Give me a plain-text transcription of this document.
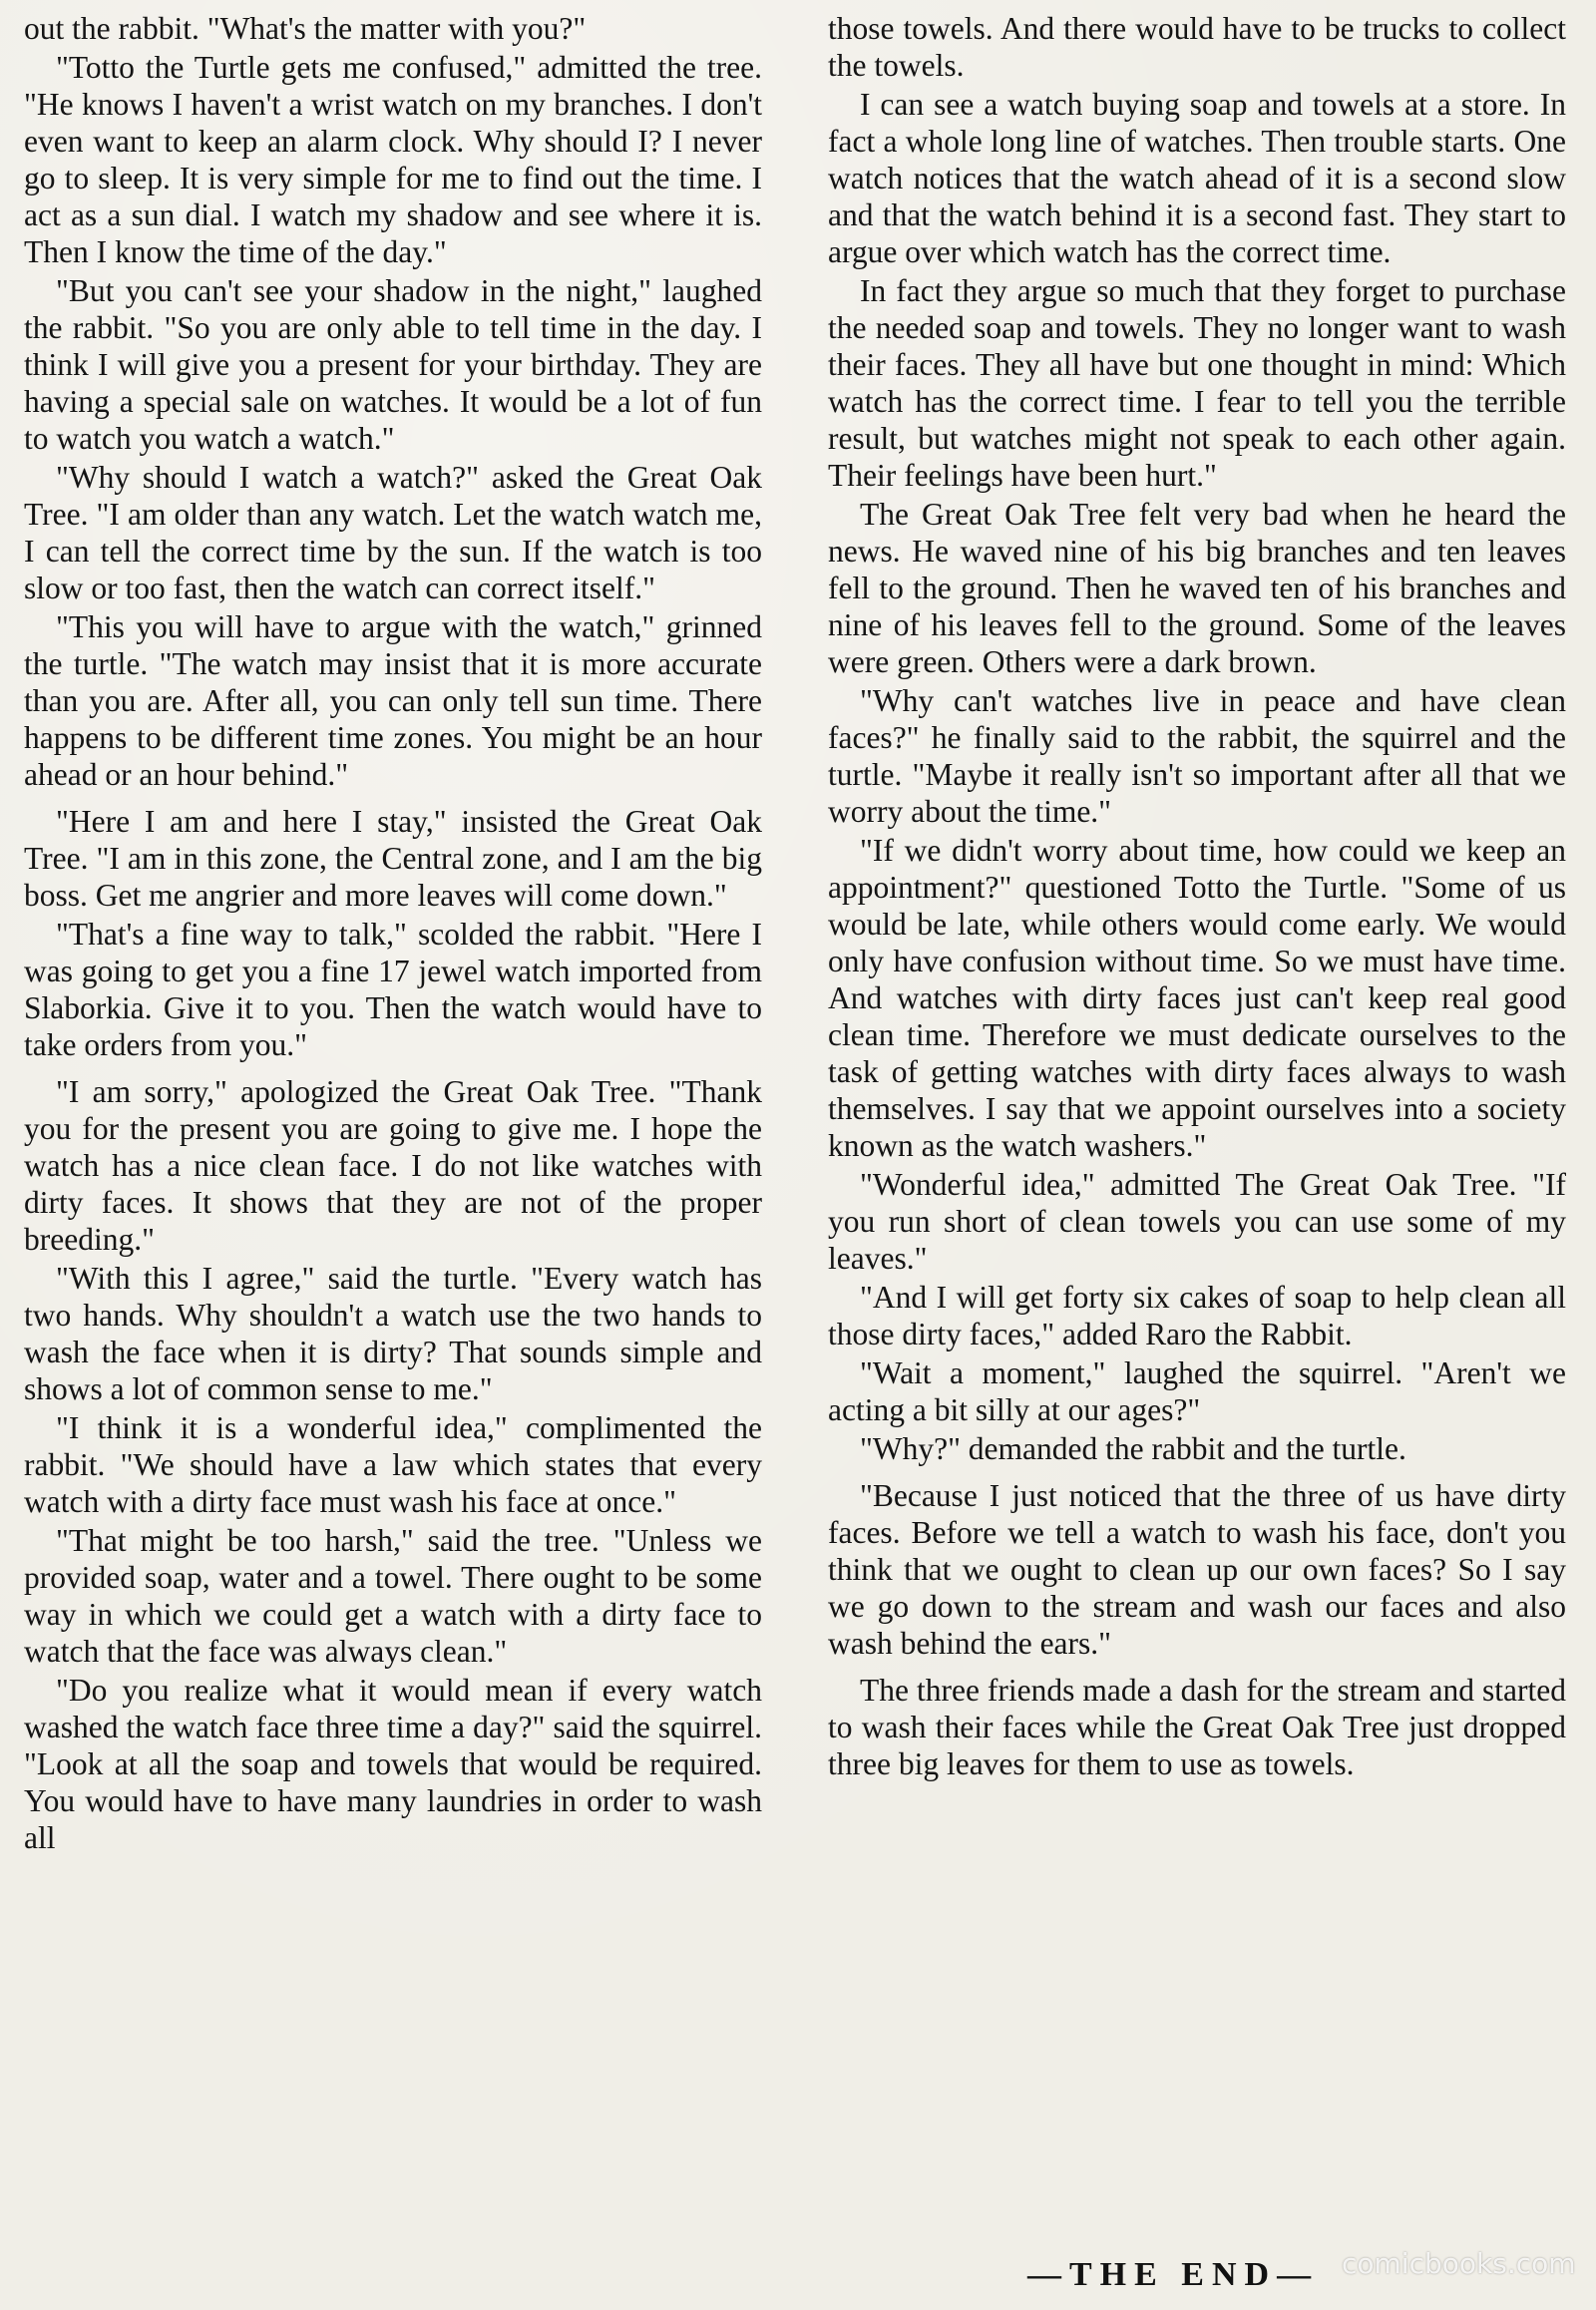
out the rabbit. "What's the matter with you?"

"Totto the Turtle gets me confused," admitted the tree. "He knows I haven't a wrist watch on my branches. I don't even want to keep an alarm clock. Why should I? I never go to sleep. It is very simple for me to find out the time. I act as a sun dial. I watch my shadow and see where it is. Then I know the time of the day."

"But you can't see your shadow in the night," laughed the rabbit. "So you are only able to tell time in the day. I think I will give you a present for your birthday. They are having a special sale on watches. It would be a lot of fun to watch you watch a watch."

"Why should I watch a watch?" asked the Great Oak Tree. "I am older than any watch. Let the watch watch me, I can tell the correct time by the sun. If the watch is too slow or too fast, then the watch can correct itself."

"This you will have to argue with the watch," grinned the turtle. "The watch may insist that it is more accurate than you are. After all, you can only tell sun time. There happens to be different time zones. You might be an hour ahead or an hour behind."

"Here I am and here I stay," insisted the Great Oak Tree. "I am in this zone, the Central zone, and I am the big boss. Get me angrier and more leaves will come down."

"That's a fine way to talk," scolded the rabbit. "Here I was going to get you a fine 17 jewel watch imported from Slaborkia. Give it to you. Then the watch would have to take orders from you."

"I am sorry," apologized the Great Oak Tree. "Thank you for the present you are going to give me. I hope the watch has a nice clean face. I do not like watches with dirty faces. It shows that they are not of the proper breeding."

"With this I agree," said the turtle. "Every watch has two hands. Why shouldn't a watch use the two hands to wash the face when it is dirty? That sounds simple and shows a lot of common sense to me."

"I think it is a wonderful idea," complimented the rabbit. "We should have a law which states that every watch with a dirty face must wash his face at once."

"That might be too harsh," said the tree. "Unless we provided soap, water and a towel. There ought to be some way in which we could get a watch with a dirty face to watch that the face was always clean."

"Do you realize what it would mean if every watch washed the watch face three time a day?" said the squirrel. "Look at all the soap and towels that would be required. You would have to have many laundries in order to wash all

those towels. And there would have to be trucks to collect the towels.

I can see a watch buying soap and towels at a store. In fact a whole long line of watches. Then trouble starts. One watch notices that the watch ahead of it is a second slow and that the watch behind it is a second fast. They start to argue over which watch has the correct time.

In fact they argue so much that they forget to purchase the needed soap and towels. They no longer want to wash their faces. They all have but one thought in mind: Which watch has the correct time. I fear to tell you the terrible result, but watches might not speak to each other again. Their feelings have been hurt."

The Great Oak Tree felt very bad when he heard the news. He waved nine of his big branches and ten leaves fell to the ground. Then he waved ten of his branches and nine of his leaves fell to the ground. Some of the leaves were green. Others were a dark brown.

"Why can't watches live in peace and have clean faces?" he finally said to the rabbit, the squirrel and the turtle. "Maybe it really isn't so important after all that we worry about the time."

"If we didn't worry about time, how could we keep an appointment?" questioned Totto the Turtle. "Some of us would be late, while others would come early. We would only have confusion without time. So we must have time. And watches with dirty faces just can't keep real good clean time. Therefore we must dedicate ourselves to the task of getting watches with dirty faces always to wash themselves. I say that we appoint ourselves into a society known as the watch washers."

"Wonderful idea," admitted The Great Oak Tree. "If you run short of clean towels you can use some of my leaves."

"And I will get forty six cakes of soap to help clean all those dirty faces," added Raro the Rabbit.

"Wait a moment," laughed the squirrel. "Aren't we acting a bit silly at our ages?"

"Why?" demanded the rabbit and the turtle.

"Because I just noticed that the three of us have dirty faces. Before we tell a watch to wash his face, don't you think that we ought to clean up our own faces? So I say we go down to the stream and wash our faces and also wash behind the ears."

The three friends made a dash for the stream and started to wash their faces while the Great Oak Tree just dropped three big leaves for them to use as towels.

—THE END— comicbooks.com
